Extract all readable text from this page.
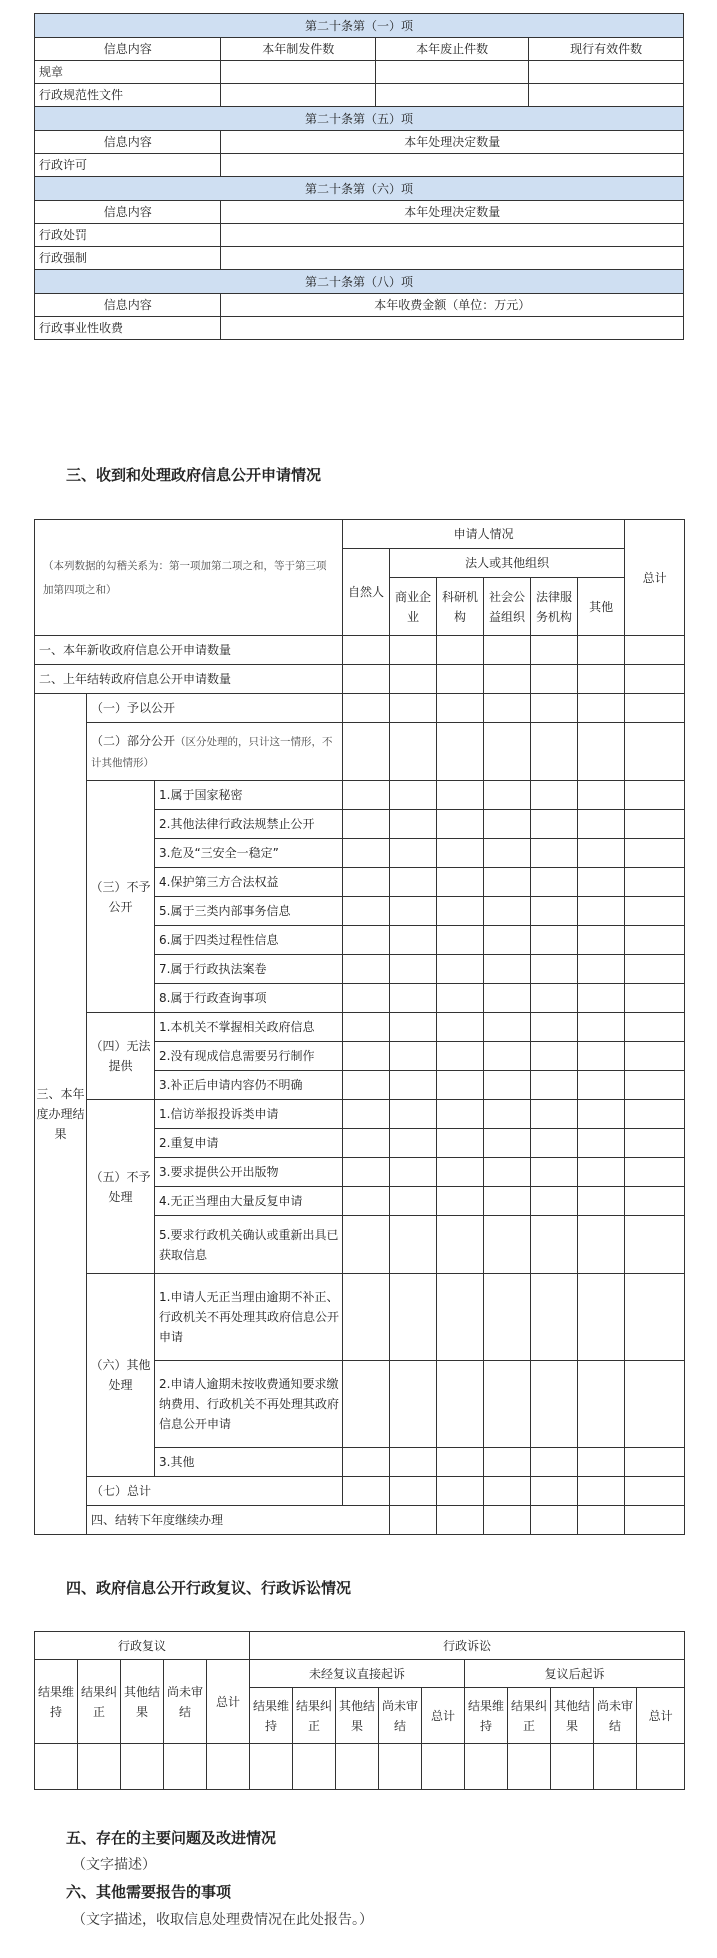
第二十条第（一）项			
信息内容	本年制发件数	本年废止件数	现行有效件数
规章			
行政规范性文件			
第二十条第（五）项			
信息内容	本年处理决定数量		
行政许可			
第二十条第（六）项			
信息内容	本年处理决定数量		
行政处罚			
行政强制			
第二十条第（八）项			
信息内容	本年收费金额（单位：万元）		
行政事业性收费			
三、收到和处理政府信息公开申请情况
（本列数据的勾稽关系为：第一项加第二项之和，等于第三项加第四项之和）			申请人情况						总计	
			自然人	法人或其他组织						
				商业企业	科研机构	社会公益组织	法律服务机构	其他		
一、本年新收政府信息公开申请数量										
二、上年结转政府信息公开申请数量										
三、本年度办理结果	（一）予以公开									
	（二）部分公开（区分处理的，只计这一情形，不计其他情形）									
	（三）不予公开	1.属于国家秘密								
		2.其他法律行政法规禁止公开								
		3.危及“三安全一稳定”								
		4.保护第三方合法权益								
		5.属于三类内部事务信息								
		6.属于四类过程性信息								
		7.属于行政执法案卷								
		8.属于行政查询事项								
	（四）无法提供	1.本机关不掌握相关政府信息								
		2.没有现成信息需要另行制作								
		3.补正后申请内容仍不明确								
	（五）不予处理	1.信访举报投诉类申请								
		2.重复申请								
		3.要求提供公开出版物								
		4.无正当理由大量反复申请								
		5.要求行政机关确认或重新出具已获取信息								
	（六）其他处理	1.申请人无正当理由逾期不补正、行政机关不再处理其政府信息公开申请								
		2.申请人逾期未按收费通知要求缴纳费用、行政机关不再处理其政府信息公开申请								
		3.其他								
	（七）总计									
	四、结转下年度继续办理									
四、政府信息公开行政复议、行政诉讼情况
行政复议					行政诉讼									
结果维持	结果纠正	其他结果	尚未审结	总计	未经复议直接起诉					复议后起诉				
					结果维持	结果纠正	其他结果	尚未审结	总计	结果维持	结果纠正	其他结果	尚未审结	总计

五、存在的主要问题及改进情况
（文字描述）
六、其他需要报告的事项
（文字描述，收取信息处理费情况在此处报告。）
